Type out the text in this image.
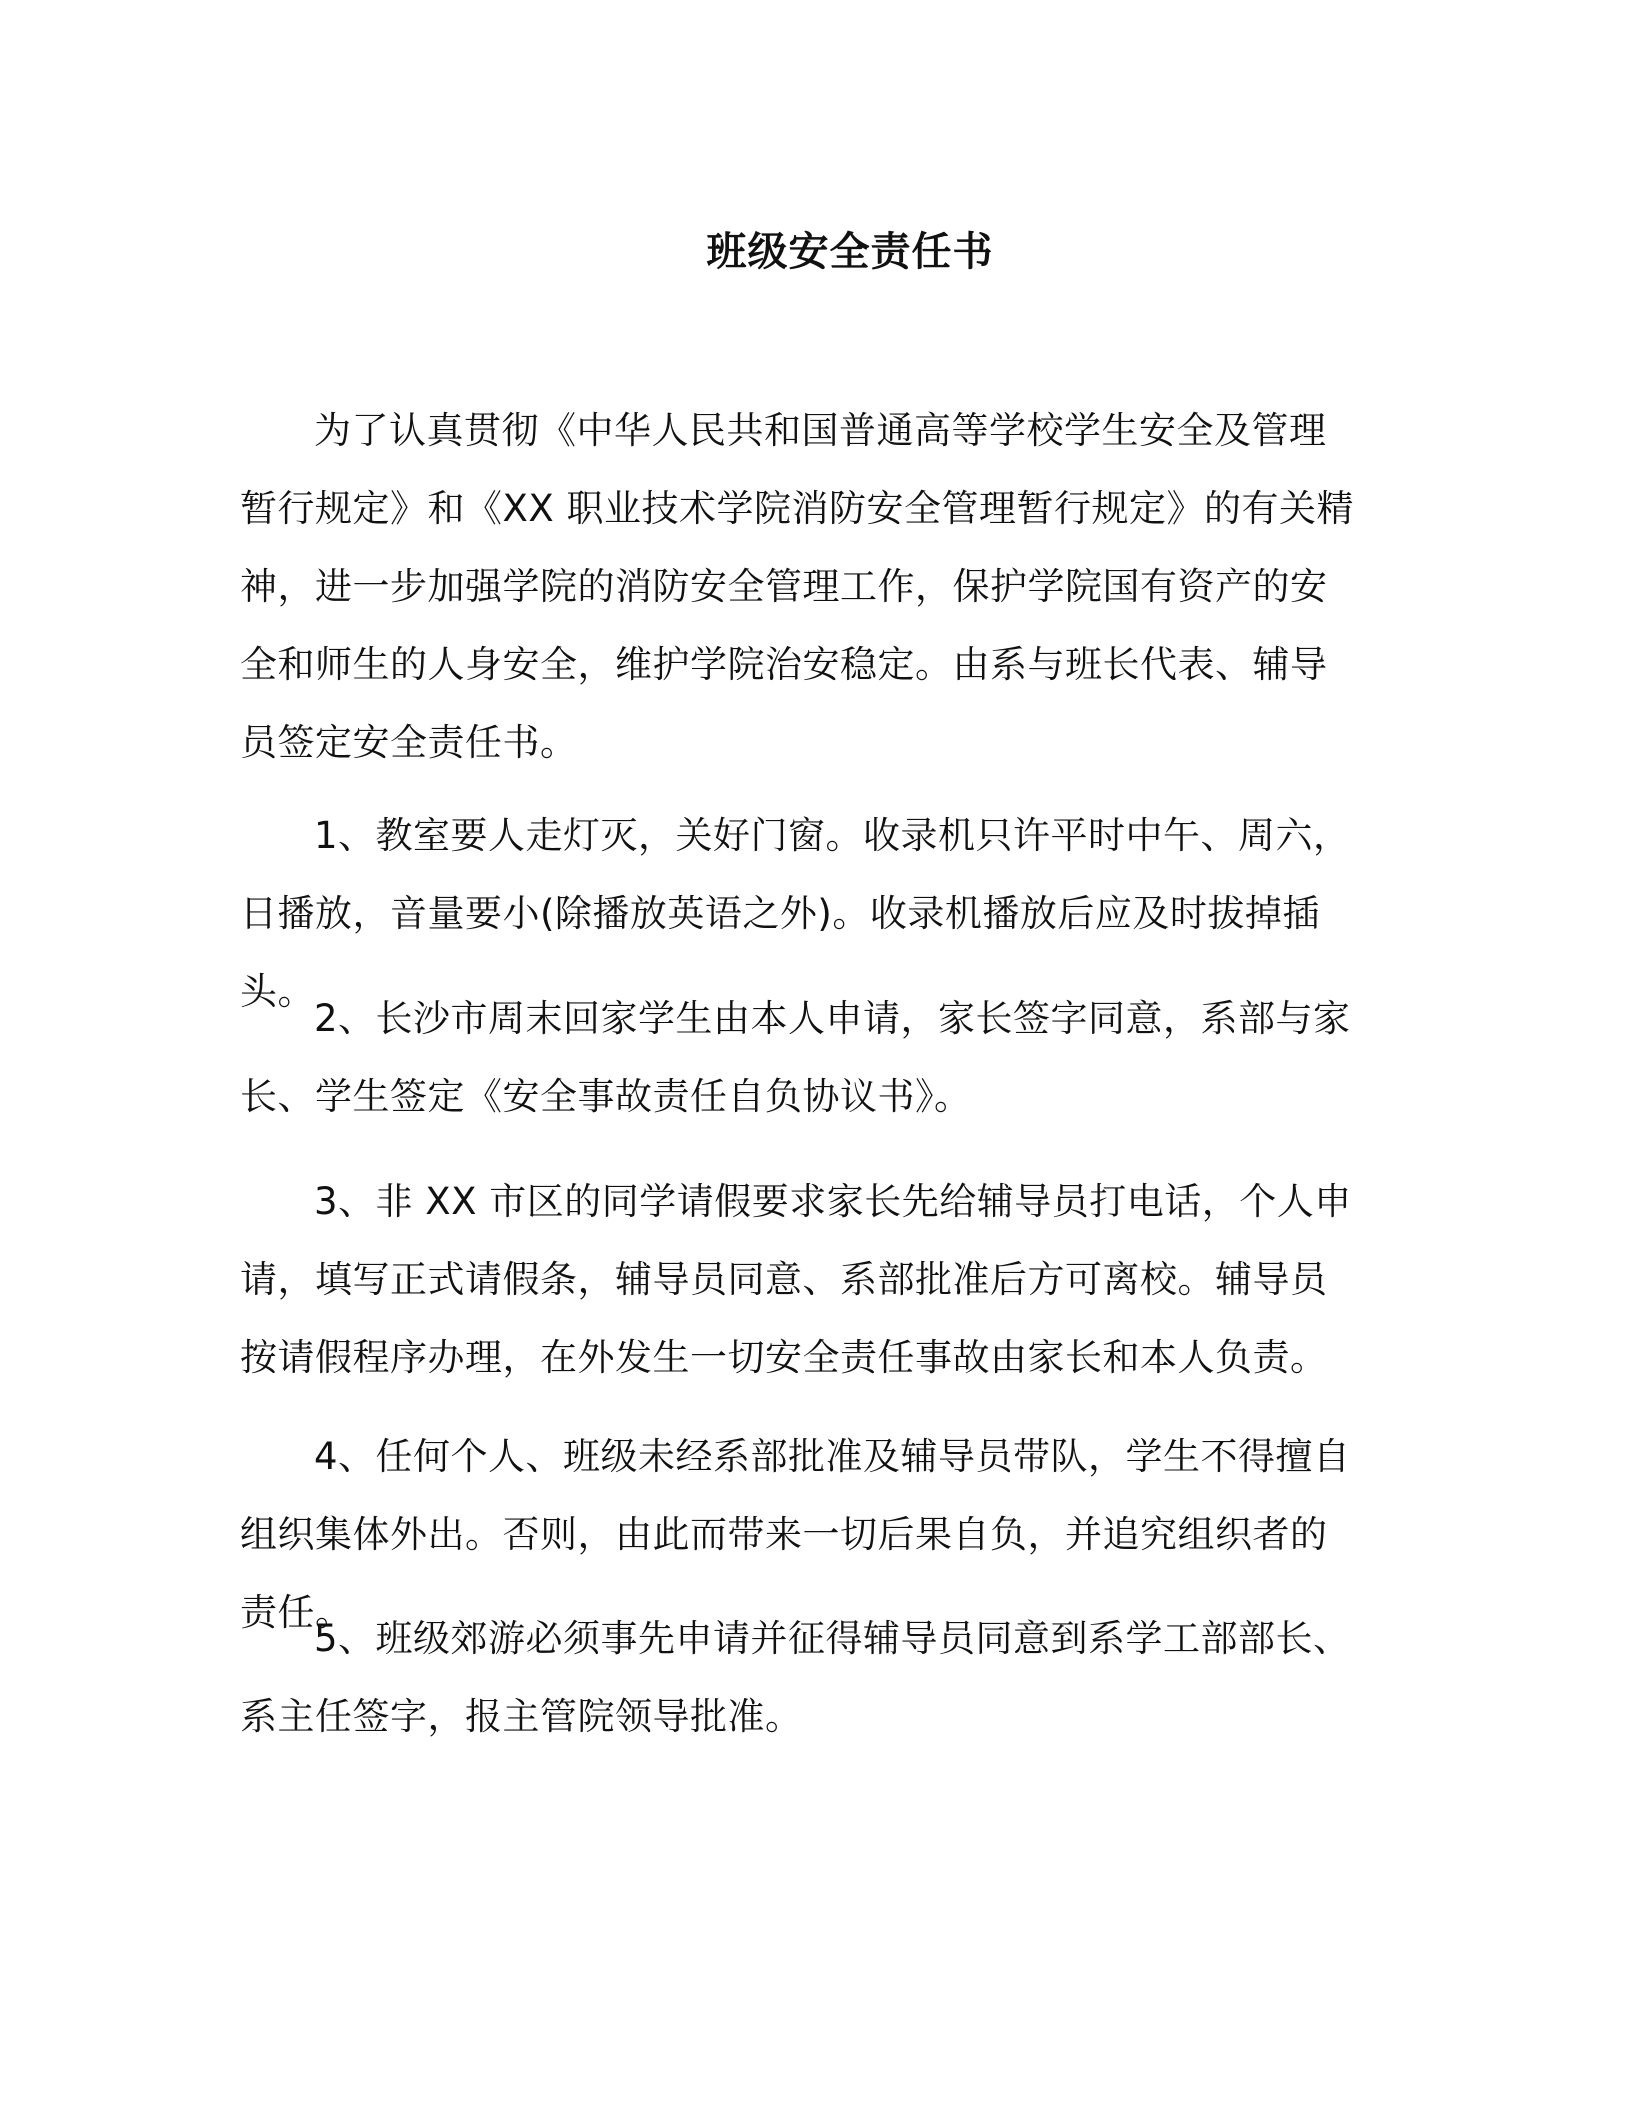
班级安全责任书

为了认真贯彻《中华人民共和国普通高等学校学生安全及管理暂行规定》和《XX 职业技术学院消防安全管理暂行规定》的有关精神，进一步加强学院的消防安全管理工作，保护学院国有资产的安全和师生的人身安全，维护学院治安稳定。由系与班长代表、辅导员签定安全责任书。

1、教室要人走灯灭，关好门窗。收录机只许平时中午、周六，日播放，音量要小(除播放英语之外)。收录机播放后应及时拔掉插头。

2、长沙市周末回家学生由本人申请，家长签字同意，系部与家长、学生签定《安全事故责任自负协议书》。

3、非 XX 市区的同学请假要求家长先给辅导员打电话，个人申请，填写正式请假条，辅导员同意、系部批准后方可离校。辅导员按请假程序办理，在外发生一切安全责任事故由家长和本人负责。

4、任何个人、班级未经系部批准及辅导员带队，学生不得擅自组织集体外出。否则，由此而带来一切后果自负，并追究组织者的责任。

5、班级郊游必须事先申请并征得辅导员同意到系学工部部长、系主任签字，报主管院领导批准。
